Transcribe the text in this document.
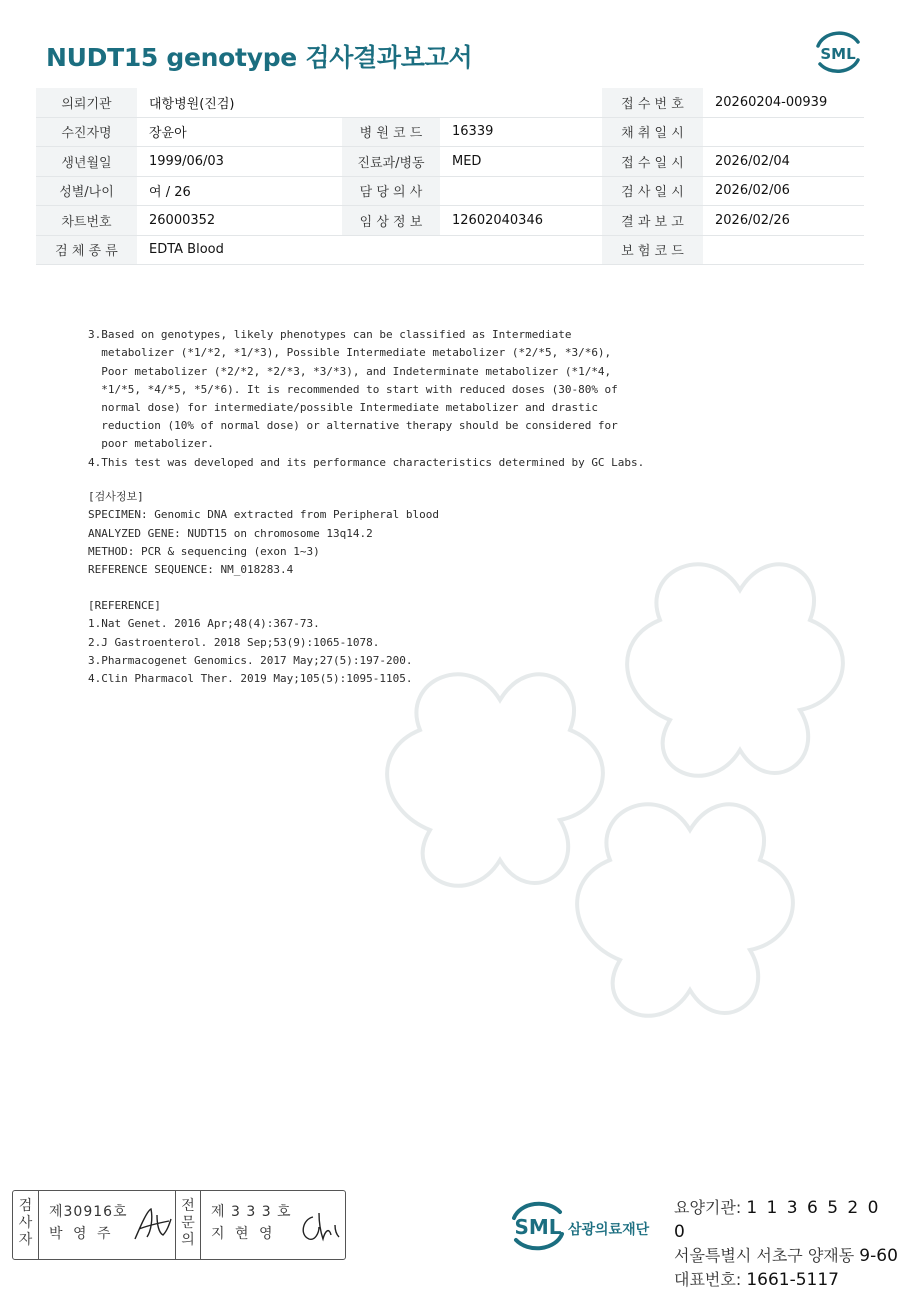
NUDT15 genotype 검사결과보고서	SML
의뢰기관	대항병원(진검)			접 수 번 호	20260204-00939
수진자명	장윤아	병 원 코 드	16339	채 취 일 시	
생년월일	1999/06/03	진료과/병동	MED	접 수 일 시	2026/02/04
성별/나이	여 / 26	담 당 의 사		검 사 일 시	2026/02/06
차트번호	26000352	임 상 정 보	12602040346	결 과 보 고	2026/02/26
검 체 종 류	EDTA Blood			보 험 코 드	

3.Based on genotypes, likely phenotypes can be classified as Intermediate
metabolizer (*1/*2, *1/*3), Possible Intermediate metabolizer (*2/*5, *3/*6),
Poor metabolizer (*2/*2, *2/*3, *3/*3), and Indeterminate metabolizer (*1/*4,
*1/*5, *4/*5, *5/*6). It is recommended to start with reduced doses (30-80% of
normal dose) for intermediate/possible Intermediate metabolizer and drastic
reduction (10% of normal dose) or alternative therapy should be considered for
poor metabolizer.
4.This test was developed and its performance characteristics determined by GC Labs.

[검사정보]
SPECIMEN: Genomic DNA extracted from Peripheral blood
ANALYZED GENE: NUDT15 on chromosome 13q14.2
METHOD: PCR & sequencing (exon 1~3)
REFERENCE SEQUENCE: NM_018283.4

[REFERENCE]
1.Nat Genet. 2016 Apr;48(4):367-73.
2.J Gastroenterol. 2018 Sep;53(9):1065-1078.
3.Pharmacogenet Genomics. 2017 May;27(5):197-200.
4.Clin Pharmacol Ther. 2019 May;105(5):1095-1105.

검
사
자
제30916호
박 영 주
전
문
의
제 3 3 3 호
지 현 영	SML 삼광의료재단
요양기관: 1 1 3 6 5 2 0 0
서울특별시 서초구 양재동 9-60
대표번호: 1661-5117
